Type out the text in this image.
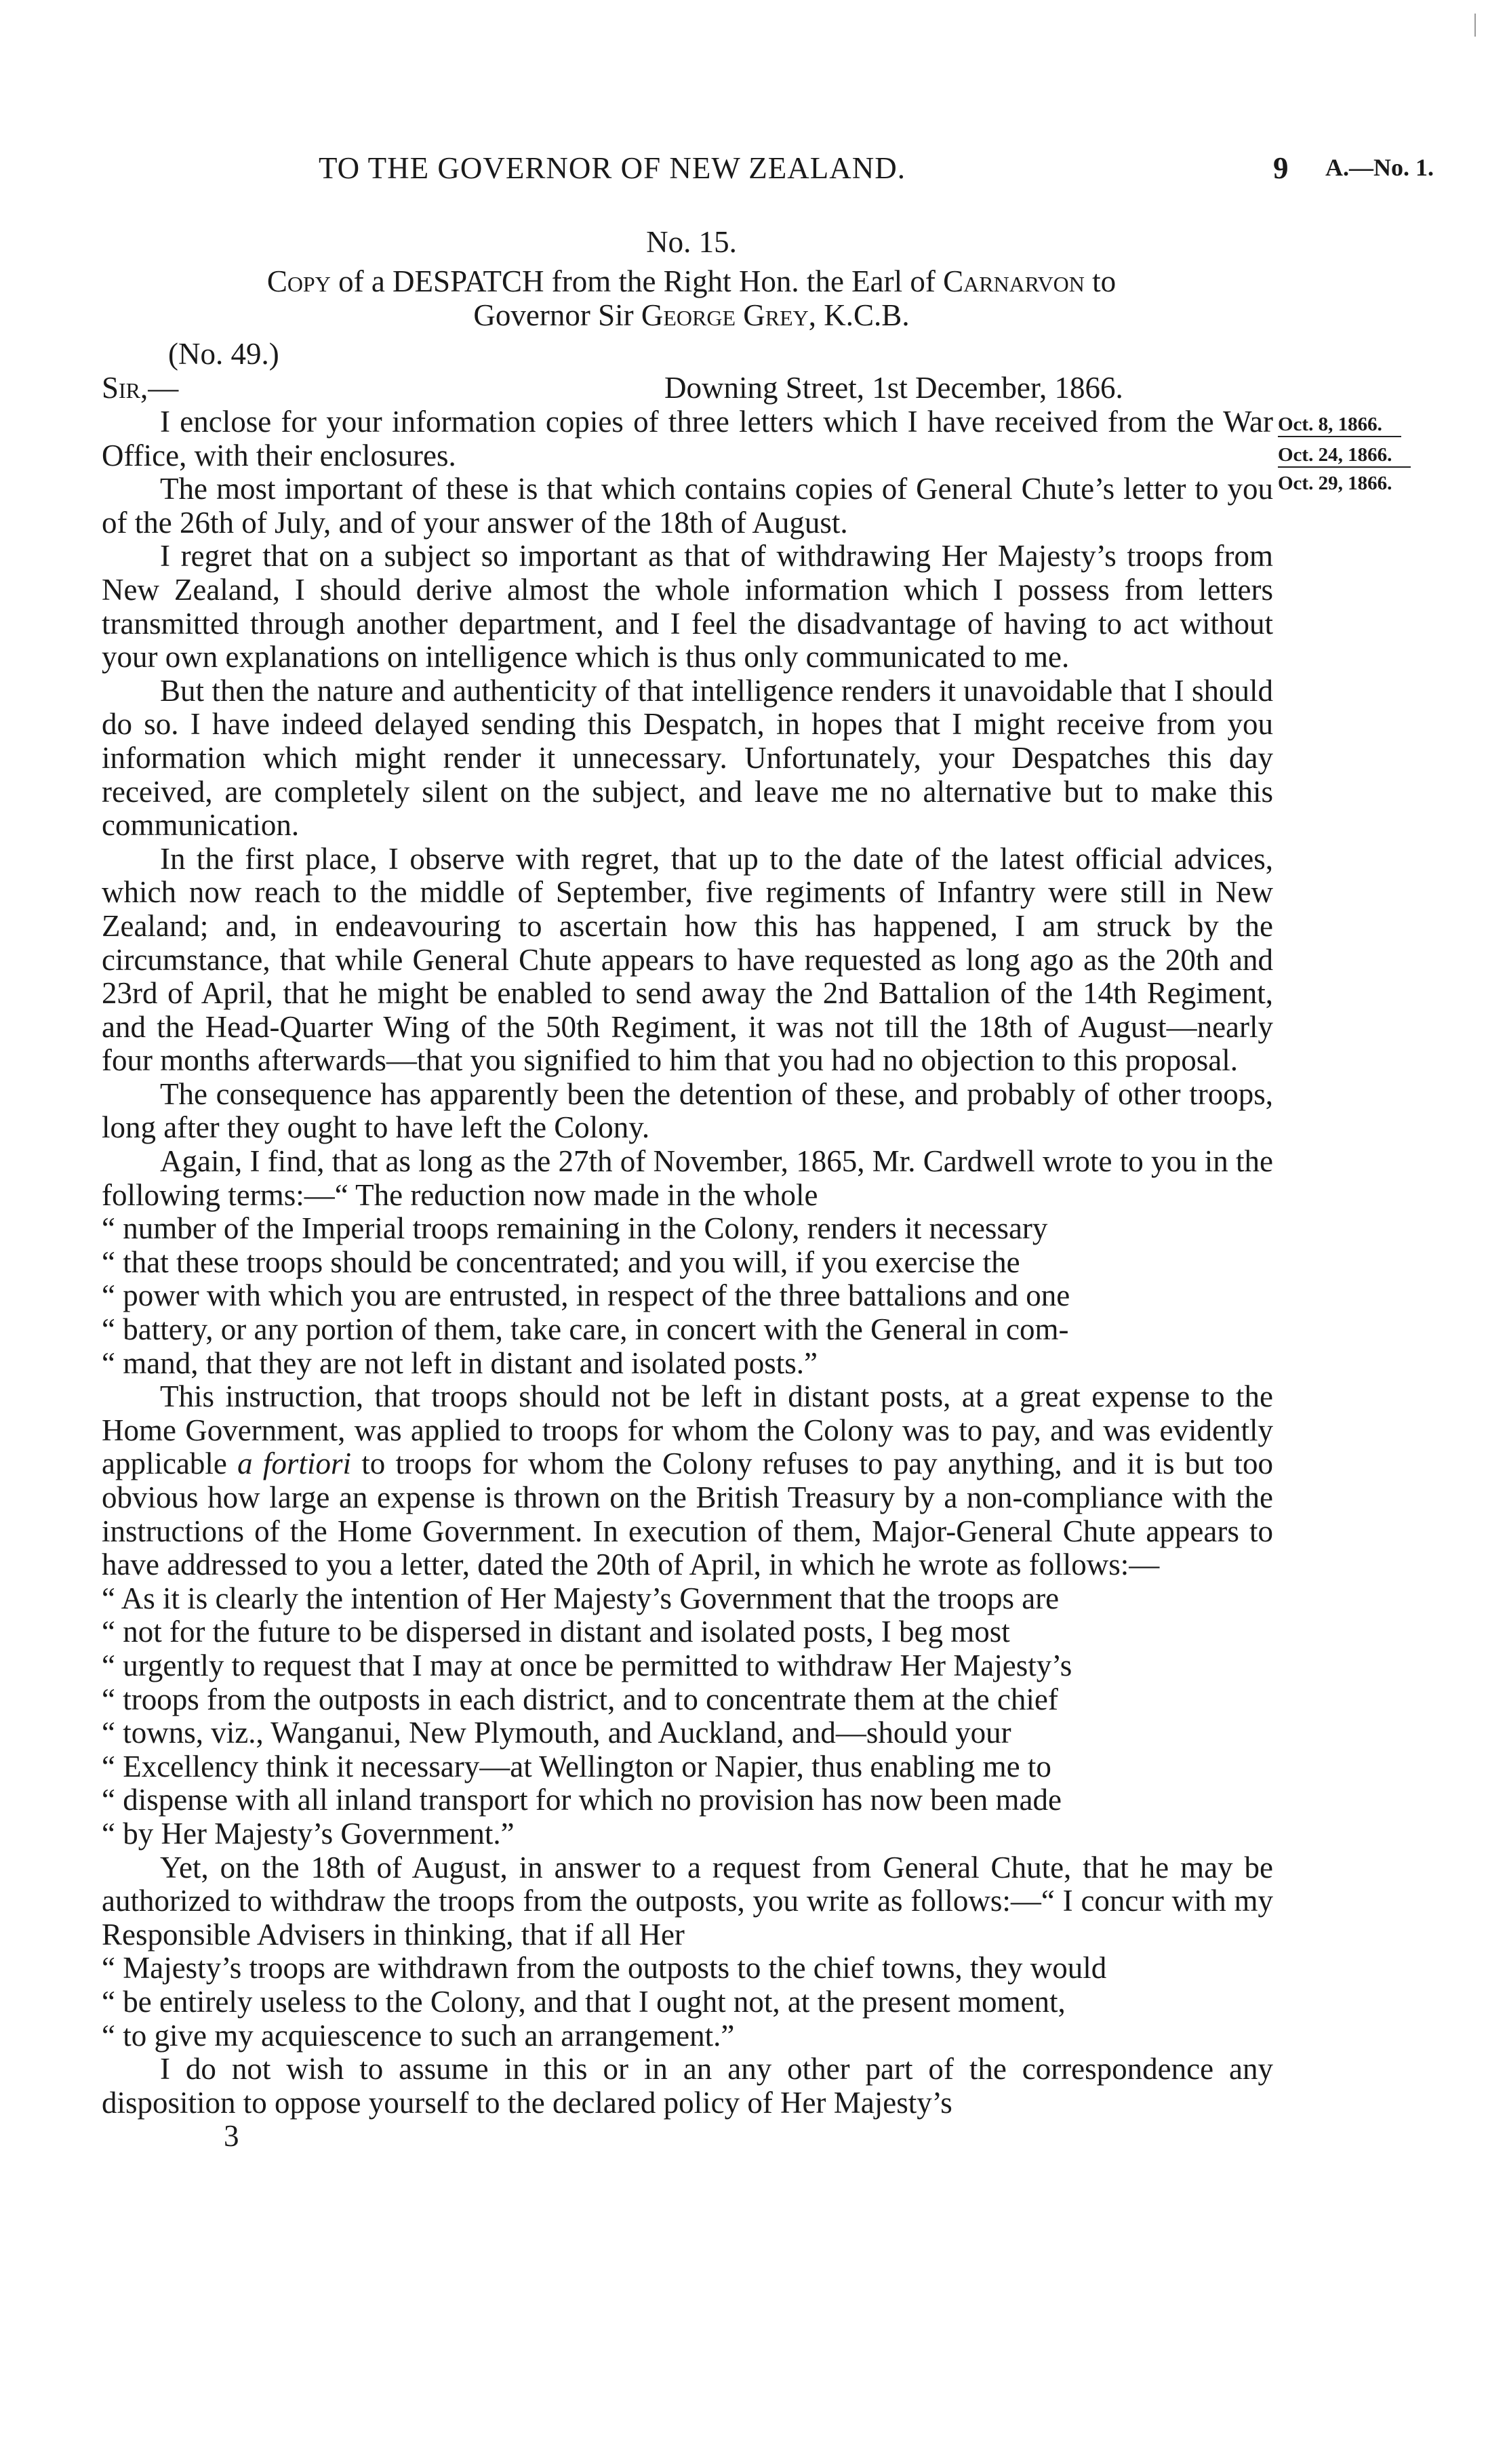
TO THE GOVERNOR OF NEW ZEALAND.	9 A.—No. 1.
No. 15.
Copy of a DESPATCH from the Right Hon. the Earl of Carnarvon to
Governor Sir George Grey, K.C.B.
(No. 49.)
Sir,—	Downing Street, 1st December, 1866.
Oct. 8, 1866.
Oct. 24, 1866.
Oct. 29, 1866.

I enclose for your information copies of three letters which I have received from the War Office, with their enclosures.

The most important of these is that which contains copies of General Chute’s letter to you of the 26th of July, and of your answer of the 18th of August.

I regret that on a subject so important as that of withdrawing Her Majesty’s troops from New Zealand, I should derive almost the whole information which I possess from letters transmitted through another department, and I feel the disadvantage of having to act without your own explanations on intelligence which is thus only communicated to me.

But then the nature and authenticity of that intelligence renders it unavoidable that I should do so. I have indeed delayed sending this Despatch, in hopes that I might receive from you information which might render it unnecessary. Unfortunately, your Despatches this day received, are completely silent on the subject, and leave me no alternative but to make this communication.

In the first place, I observe with regret, that up to the date of the latest official advices, which now reach to the middle of September, five regiments of Infantry were still in New Zealand; and, in endeavouring to ascertain how this has happened, I am struck by the circumstance, that while General Chute appears to have requested as long ago as the 20th and 23rd of April, that he might be enabled to send away the 2nd Battalion of the 14th Regiment, and the Head-Quarter Wing of the 50th Regiment, it was not till the 18th of August—nearly four months afterwards—that you signified to him that you had no objection to this proposal.

The consequence has apparently been the detention of these, and probably of other troops, long after they ought to have left the Colony.

Again, I find, that as long as the 27th of November, 1865, Mr. Cardwell wrote to you in the following terms:—“ The reduction now made in the whole

“ number of the Imperial troops remaining in the Colony, renders it necessary

“ that these troops should be concentrated; and you will, if you exercise the

“ power with which you are entrusted, in respect of the three battalions and one

“ battery, or any portion of them, take care, in concert with the General in com-

“ mand, that they are not left in distant and isolated posts.”

This instruction, that troops should not be left in distant posts, at a great expense to the Home Government, was applied to troops for whom the Colony was to pay, and was evidently applicable a fortiori to troops for whom the Colony refuses to pay anything, and it is but too obvious how large an expense is thrown on the British Treasury by a non-compliance with the instructions of the Home Government. In execution of them, Major-General Chute appears to have addressed to you a letter, dated the 20th of April, in which he wrote as follows:—

“ As it is clearly the intention of Her Majesty’s Government that the troops are

“ not for the future to be dispersed in distant and isolated posts, I beg most

“ urgently to request that I may at once be permitted to withdraw Her Majesty’s

“ troops from the outposts in each district, and to concentrate them at the chief

“ towns, viz., Wanganui, New Plymouth, and Auckland, and—should your

“ Excellency think it necessary—at Wellington or Napier, thus enabling me to

“ dispense with all inland transport for which no provision has now been made

“ by Her Majesty’s Government.”

Yet, on the 18th of August, in answer to a request from General Chute, that he may be authorized to withdraw the troops from the outposts, you write as follows:—“ I concur with my Responsible Advisers in thinking, that if all Her

“ Majesty’s troops are withdrawn from the outposts to the chief towns, they would

“ be entirely useless to the Colony, and that I ought not, at the present moment,

“ to give my acquiescence to such an arrangement.”

I do not wish to assume in this or in an any other part of the correspondence any disposition to oppose yourself to the declared policy of Her Majesty’s

3
